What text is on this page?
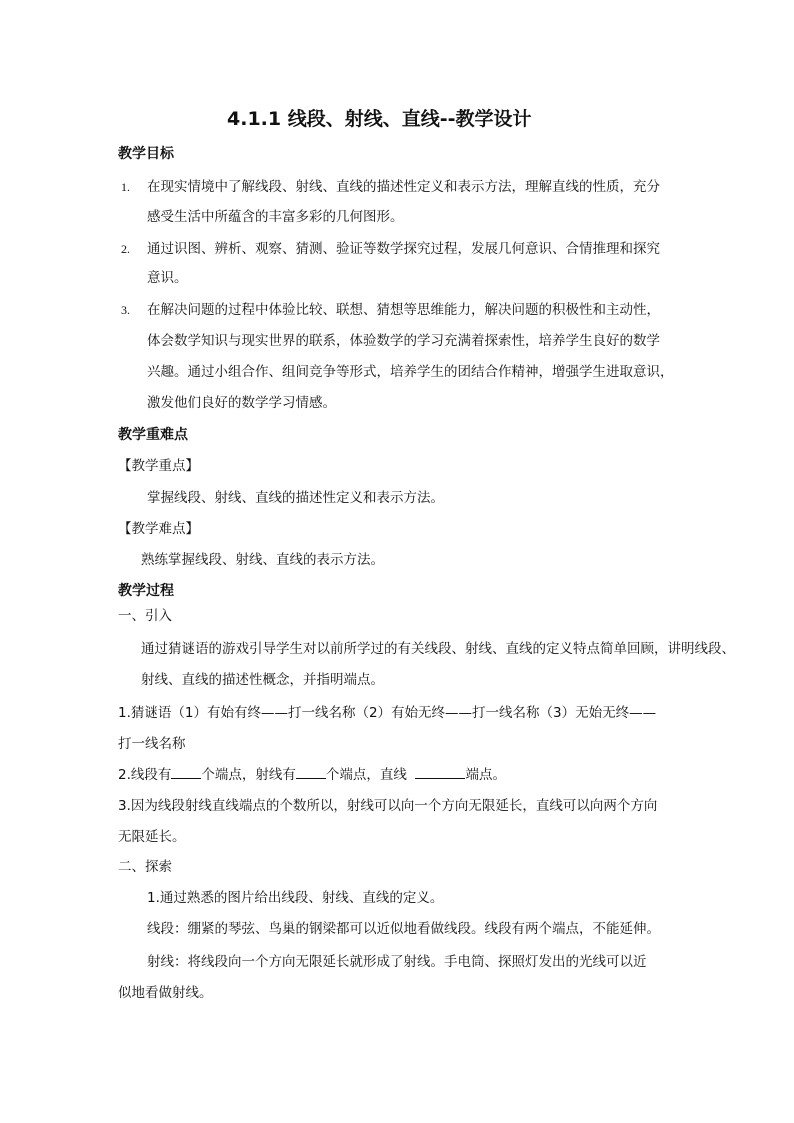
4.1.1 线段、射线、直线--教学设计
教学目标
1. 在现实情境中了解线段、射线、直线的描述性定义和表示方法，理解直线的性质，充分
感受生活中所蕴含的丰富多彩的几何图形。
2. 通过识图、辨析、观察、猜测、验证等数学探究过程，发展几何意识、合情推理和探究
意识。
3. 在解决问题的过程中体验比较、联想、猜想等思维能力，解决问题的积极性和主动性，
体会数学知识与现实世界的联系，体验数学的学习充满着探索性，培养学生良好的数学
兴趣。通过小组合作、组间竞争等形式，培养学生的团结合作精神，增强学生进取意识，
激发他们良好的数学学习情感。
教学重难点
【教学重点】
掌握线段、射线、直线的描述性定义和表示方法。
【教学难点】
熟练掌握线段、射线、直线的表示方法。
教学过程
一、引入
通过猜谜语的游戏引导学生对以前所学过的有关线段、射线、直线的定义特点简单回顾，讲明线段、
射线、直线的描述性概念，并指明端点。
1.猜谜语（1）有始有终——打一线名称（2）有始无终——打一线名称（3）无始无终——
打一线名称
2.线段有 个端点，射线有 个端点，直线	端点。
3.因为线段射线直线端点的个数所以，射线可以向一个方向无限延长，直线可以向两个方向
无限延长。
二、探索
1.通过熟悉的图片给出线段、射线、直线的定义。
线段：绷紧的琴弦、鸟巢的钢梁都可以近似地看做线段。线段有两个端点，不能延伸。
射线：将线段向一个方向无限延长就形成了射线。手电筒、探照灯发出的光线可以近
似地看做射线。
